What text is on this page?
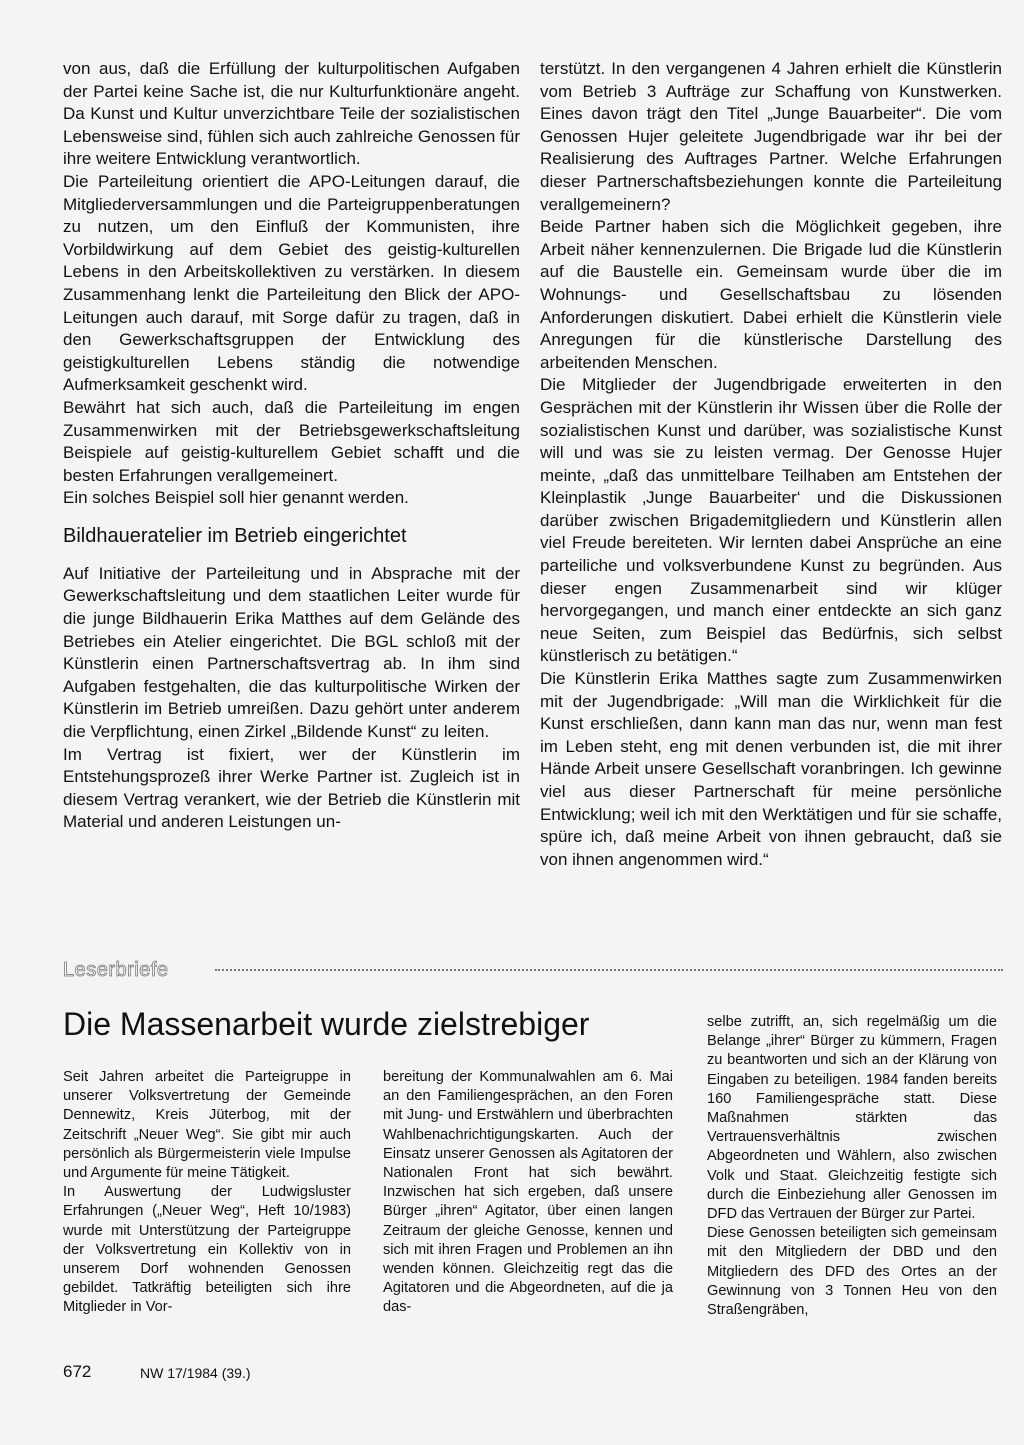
von aus, daß die Erfüllung der kulturpolitischen Aufgaben der Partei keine Sache ist, die nur Kulturfunktionäre angeht. Da Kunst und Kultur unverzichtbare Teile der sozialistischen Lebensweise sind, fühlen sich auch zahlreiche Genossen für ihre weitere Entwicklung verantwortlich.

Die Parteileitung orientiert die APO-Leitungen darauf, die Mitgliederversammlungen und die Parteigruppenberatungen zu nutzen, um den Einfluß der Kommunisten, ihre Vorbildwirkung auf dem Gebiet des geistig-kulturellen Lebens in den Arbeitskollektiven zu verstärken. In diesem Zusammenhang lenkt die Parteileitung den Blick der APO-Leitungen auch darauf, mit Sorge dafür zu tragen, daß in den Gewerkschaftsgruppen der Entwicklung des geistigkulturellen Lebens ständig die notwendige Aufmerksamkeit geschenkt wird.

Bewährt hat sich auch, daß die Parteileitung im engen Zusammenwirken mit der Betriebsgewerkschaftsleitung Beispiele auf geistig-kulturellem Gebiet schafft und die besten Erfahrungen verallgemeinert.

Ein solches Beispiel soll hier genannt werden.

Bildhaueratelier im Betrieb eingerichtet

Auf Initiative der Parteileitung und in Absprache mit der Gewerkschaftsleitung und dem staatlichen Leiter wurde für die junge Bildhauerin Erika Matthes auf dem Gelände des Betriebes ein Atelier eingerichtet. Die BGL schloß mit der Künstlerin einen Partnerschaftsvertrag ab. In ihm sind Aufgaben festgehalten, die das kulturpolitische Wirken der Künstlerin im Betrieb umreißen. Dazu gehört unter anderem die Verpflichtung, einen Zirkel „Bildende Kunst“ zu leiten.

Im Vertrag ist fixiert, wer der Künstlerin im Entstehungsprozeß ihrer Werke Partner ist. Zugleich ist in diesem Vertrag verankert, wie der Betrieb die Künstlerin mit Material und anderen Leistungen un-

terstützt. In den vergangenen 4 Jahren erhielt die Künstlerin vom Betrieb 3 Aufträge zur Schaffung von Kunstwerken. Eines davon trägt den Titel „Junge Bauarbeiter“. Die vom Genossen Hujer geleitete Jugendbrigade war ihr bei der Realisierung des Auftrages Partner. Welche Erfahrungen dieser Partnerschaftsbeziehungen konnte die Parteileitung verallgemeinern?

Beide Partner haben sich die Möglichkeit gegeben, ihre Arbeit näher kennenzulernen. Die Brigade lud die Künstlerin auf die Baustelle ein. Gemeinsam wurde über die im Wohnungs- und Gesellschaftsbau zu lösenden Anforderungen diskutiert. Dabei erhielt die Künstlerin viele Anregungen für die künstlerische Darstellung des arbeitenden Menschen.

Die Mitglieder der Jugendbrigade erweiterten in den Gesprächen mit der Künstlerin ihr Wissen über die Rolle der sozialistischen Kunst und darüber, was sozialistische Kunst will und was sie zu leisten vermag. Der Genosse Hujer meinte, „daß das unmittelbare Teilhaben am Entstehen der Kleinplastik ‚Junge Bauarbeiter‘ und die Diskussionen darüber zwischen Brigademitgliedern und Künstlerin allen viel Freude bereiteten. Wir lernten dabei Ansprüche an eine parteiliche und volksverbundene Kunst zu begründen. Aus dieser engen Zusammenarbeit sind wir klüger hervorgegangen, und manch einer entdeckte an sich ganz neue Seiten, zum Beispiel das Bedürfnis, sich selbst künstlerisch zu betätigen.“

Die Künstlerin Erika Matthes sagte zum Zusammenwirken mit der Jugendbrigade: „Will man die Wirklichkeit für die Kunst erschließen, dann kann man das nur, wenn man fest im Leben steht, eng mit denen verbunden ist, die mit ihrer Hände Arbeit unsere Gesellschaft voranbringen. Ich gewinne viel aus dieser Partnerschaft für meine persönliche Entwicklung; weil ich mit den Werktätigen und für sie schaffe, spüre ich, daß meine Arbeit von ihnen gebraucht, daß sie von ihnen angenommen wird.“

Leserbriefe
Die Massenarbeit wurde zielstrebiger

Seit Jahren arbeitet die Parteigruppe in unserer Volksvertretung der Gemeinde Dennewitz, Kreis Jüterbog, mit der Zeitschrift „Neuer Weg“. Sie gibt mir auch persönlich als Bürgermeisterin viele Impulse und Argumente für meine Tätigkeit.

In Auswertung der Ludwigsluster Erfahrungen („Neuer Weg“, Heft 10/1983) wurde mit Unterstützung der Parteigruppe der Volksvertretung ein Kollektiv von in unserem Dorf wohnenden Genossen gebildet. Tatkräftig beteiligten sich ihre Mitglieder in Vor-

bereitung der Kommunalwahlen am 6. Mai an den Familiengesprächen, an den Foren mit Jung- und Erstwählern und überbrachten Wahlbenachrichtigungskarten. Auch der Einsatz unserer Genossen als Agitatoren der Nationalen Front hat sich bewährt. Inzwischen hat sich ergeben, daß unsere Bürger „ihren“ Agitator, über einen langen Zeitraum der gleiche Genosse, kennen und sich mit ihren Fragen und Problemen an ihn wenden können. Gleichzeitig regt das die Agitatoren und die Abgeordneten, auf die ja das-

selbe zutrifft, an, sich regelmäßig um die Belange „ihrer“ Bürger zu kümmern, Fragen zu beantworten und sich an der Klärung von Eingaben zu beteiligen. 1984 fanden bereits 160 Familiengespräche statt. Diese Maßnahmen stärkten das Vertrauensverhältnis zwischen Abgeordneten und Wählern, also zwischen Volk und Staat. Gleichzeitig festigte sich durch die Einbeziehung aller Genossen im DFD das Vertrauen der Bürger zur Partei.

Diese Genossen beteiligten sich gemeinsam mit den Mitgliedern der DBD und den Mitgliedern des DFD des Ortes an der Gewinnung von 3 Tonnen Heu von den Straßengräben,

672	NW 17/1984 (39.)
